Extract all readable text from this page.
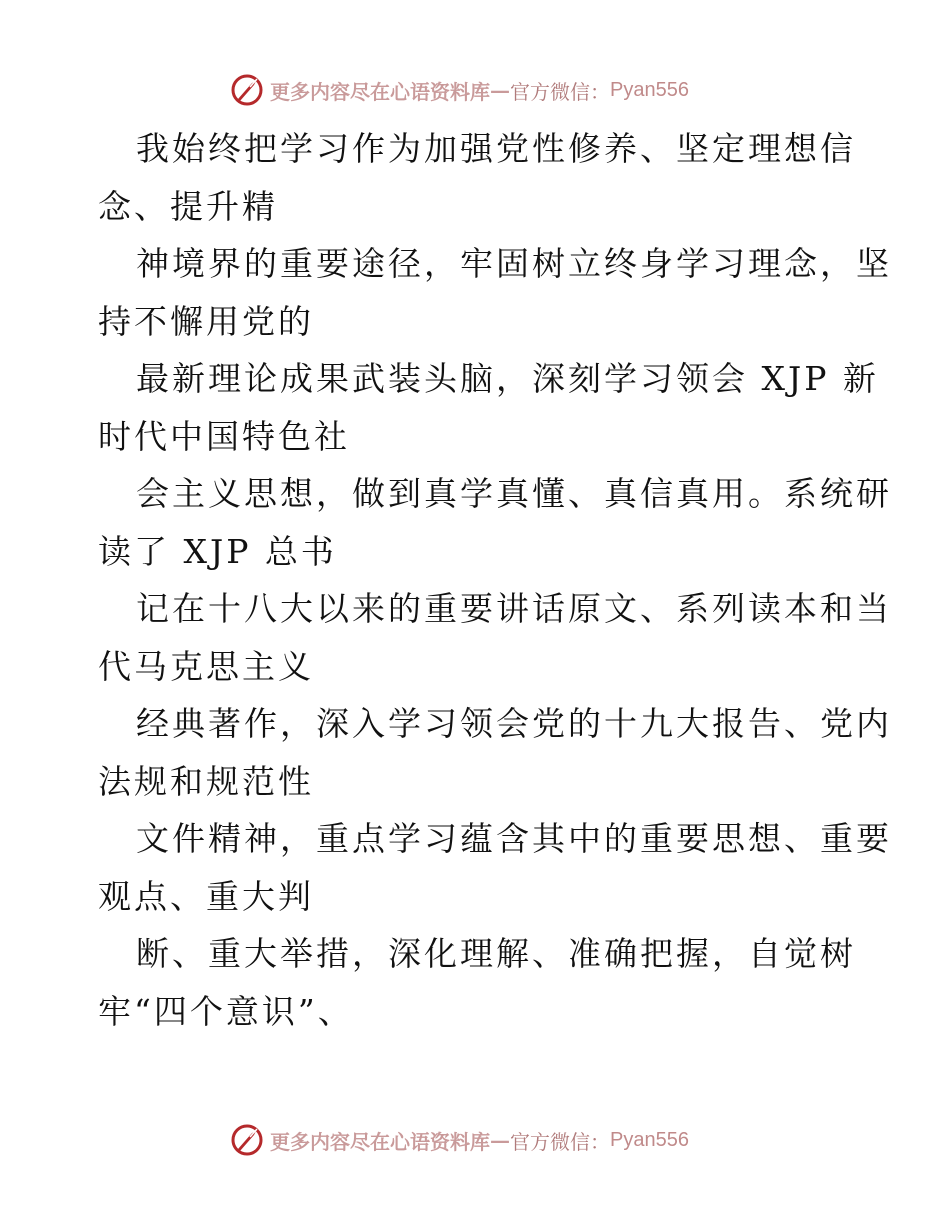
更多内容尽在心语资料库 — 官方微信： Pyan556
我始终把学习作为加强党性修养、坚定理想信
念、提升精
神境界的重要途径，牢固树立终身学习理念，坚
持不懈用党的
最新理论成果武装头脑，深刻学习领会 XJP 新
时代中国特色社
会主义思想，做到真学真懂、真信真用。系统研
读了 XJP 总书
记在十八大以来的重要讲话原文、系列读本和当
代马克思主义
经典著作，深入学习领会党的十九大报告、党内
法规和规范性
文件精神，重点学习蕴含其中的重要思想、重要
观点、重大判
断、重大举措，深化理解、准确把握，自觉树
牢“四个意识”、
更多内容尽在心语资料库 — 官方微信： Pyan556
